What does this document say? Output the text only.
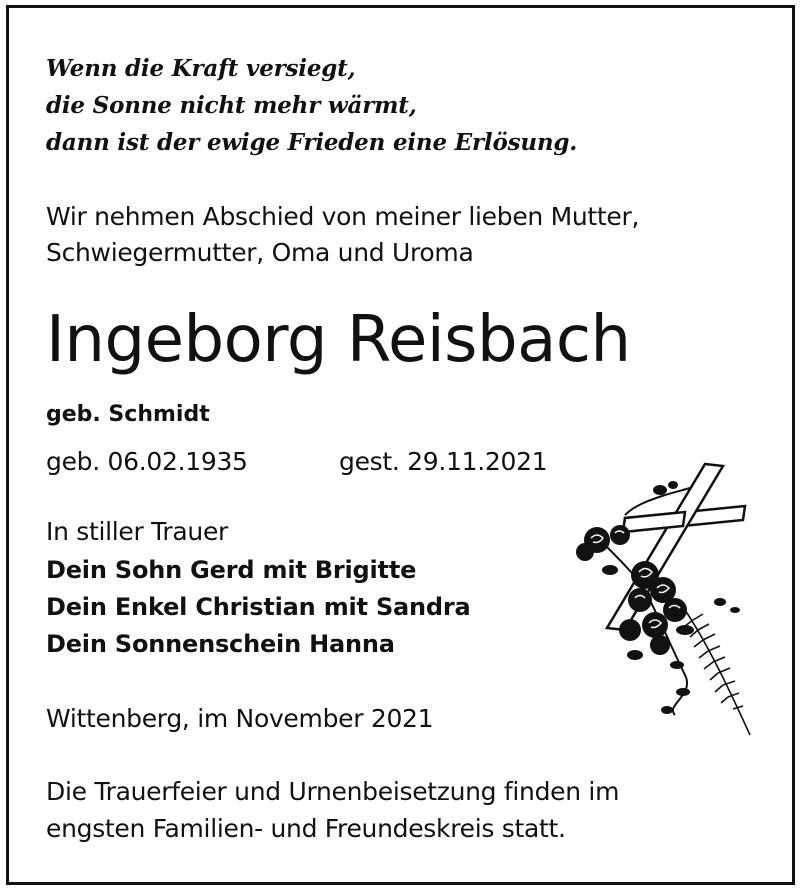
Wenn die Kraft versiegt,

die Sonne nicht mehr wärmt,

dann ist der ewige Frieden eine Erlösung.

Wir nehmen Abschied von meiner lieben Mutter,

Schwiegermutter, Oma und Uroma

Ingeborg Reisbach

geb. Schmidt

geb. 06.02.1935	gest. 29.11.2021

In stiller Trauer

Dein Sohn Gerd mit Brigitte

Dein Enkel Christian mit Sandra

Dein Sonnenschein Hanna

Wittenberg, im November 2021

Die Trauerfeier und Urnenbeisetzung finden im

engsten Familien- und Freundeskreis statt.
